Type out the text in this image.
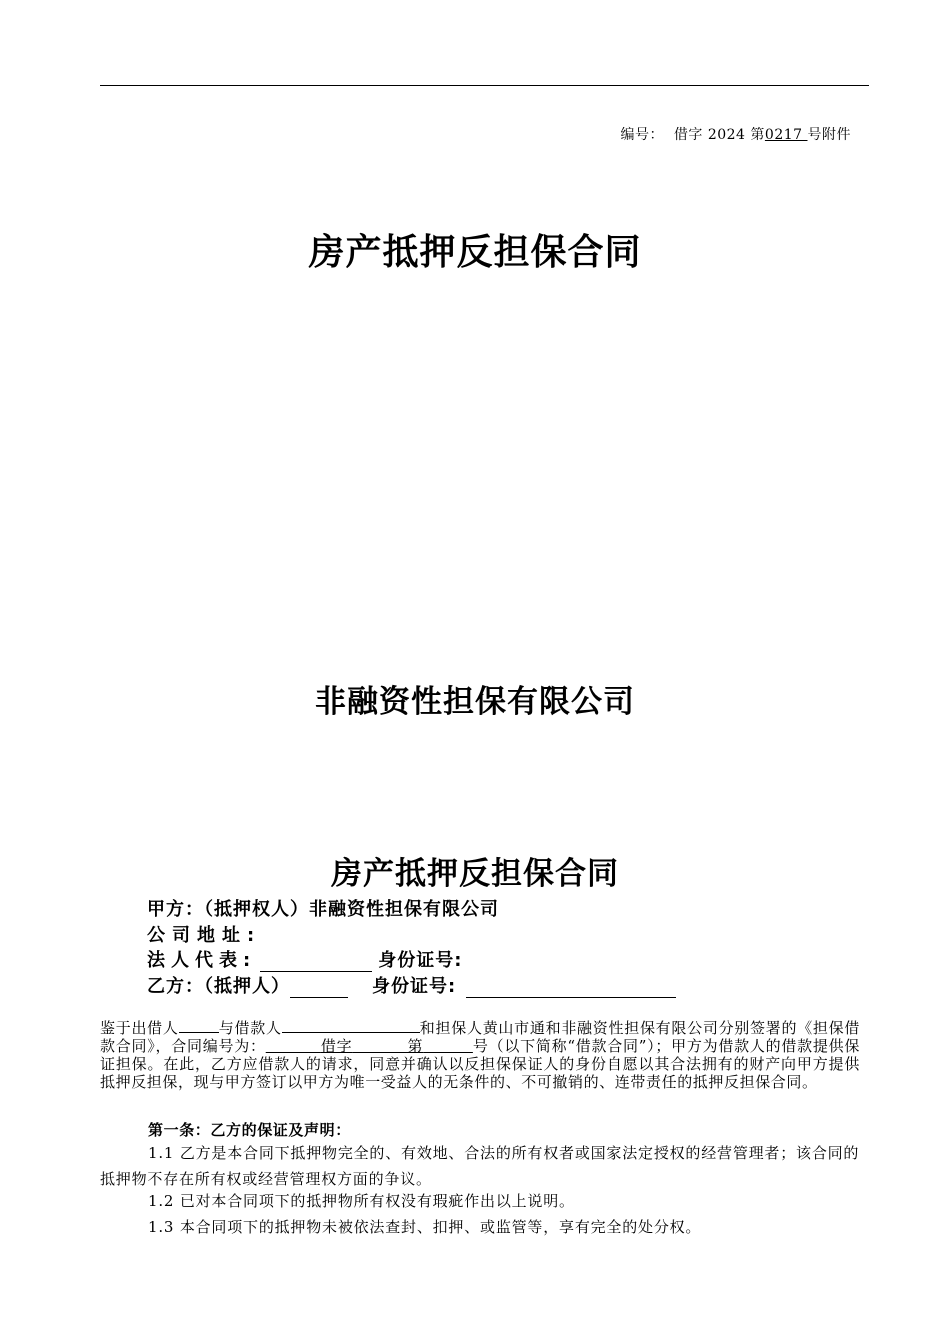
编号： 借字 2024 第0217 号附件
房产抵押反担保合同
非融资性担保有限公司
房产抵押反担保合同
甲方：（抵押权人）非融资性担保有限公司
公司地址:
法人代表:	身份证号:
乙方：（抵押人）	身份证号:
鉴于出借人	与借款人	和担保人黄山市通和非融资性担保有限公司分别签署的《担保借款合同》，合同编号为：	借字	第	号（以下简称“借款合同”）；甲方为借款人的借款提供保证担保。在此，乙方应借款人的请求，同意并确认以反担保保证人的身份自愿以其合法拥有的财产向甲方提供抵押反担保，现与甲方签订以甲方为唯一受益人的无条件的、不可撤销的、连带责任的抵押反担保合同。
第一条：乙方的保证及声明：
1.1 乙方是本合同下抵押物完全的、有效地、合法的所有权者或国家法定授权的经营管理者；该合同的抵押物不存在所有权或经营管理权方面的争议。
1.2 已对本合同项下的抵押物所有权没有瑕疵作出以上说明。
1.3 本合同项下的抵押物未被依法查封、扣押、或监管等，享有完全的处分权。
